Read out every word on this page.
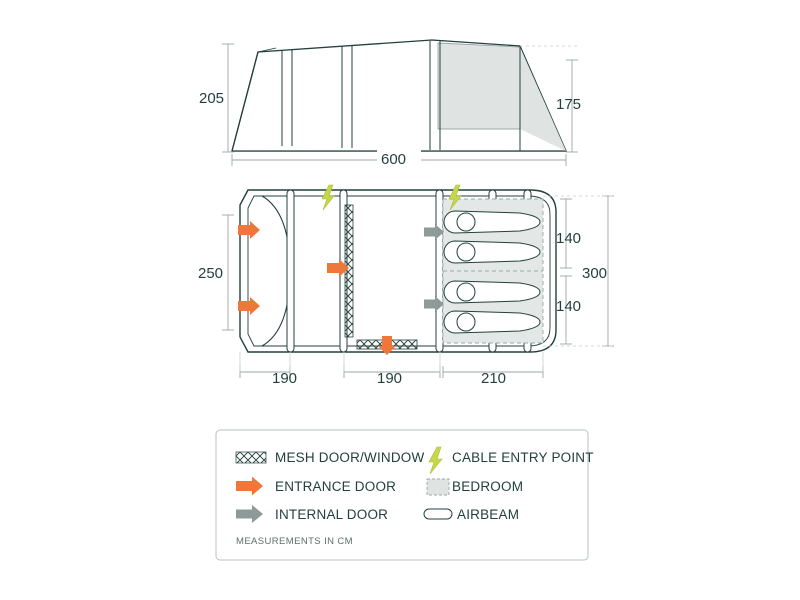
205	175
600
250
140
140
300
190	190	210
MESH DOOR/WINDOW CABLE ENTRY POINT
ENTRANCE DOOR	BEDROOM
INTERNAL DOOR	AIRBEAM
MEASUREMENTS IN CM
